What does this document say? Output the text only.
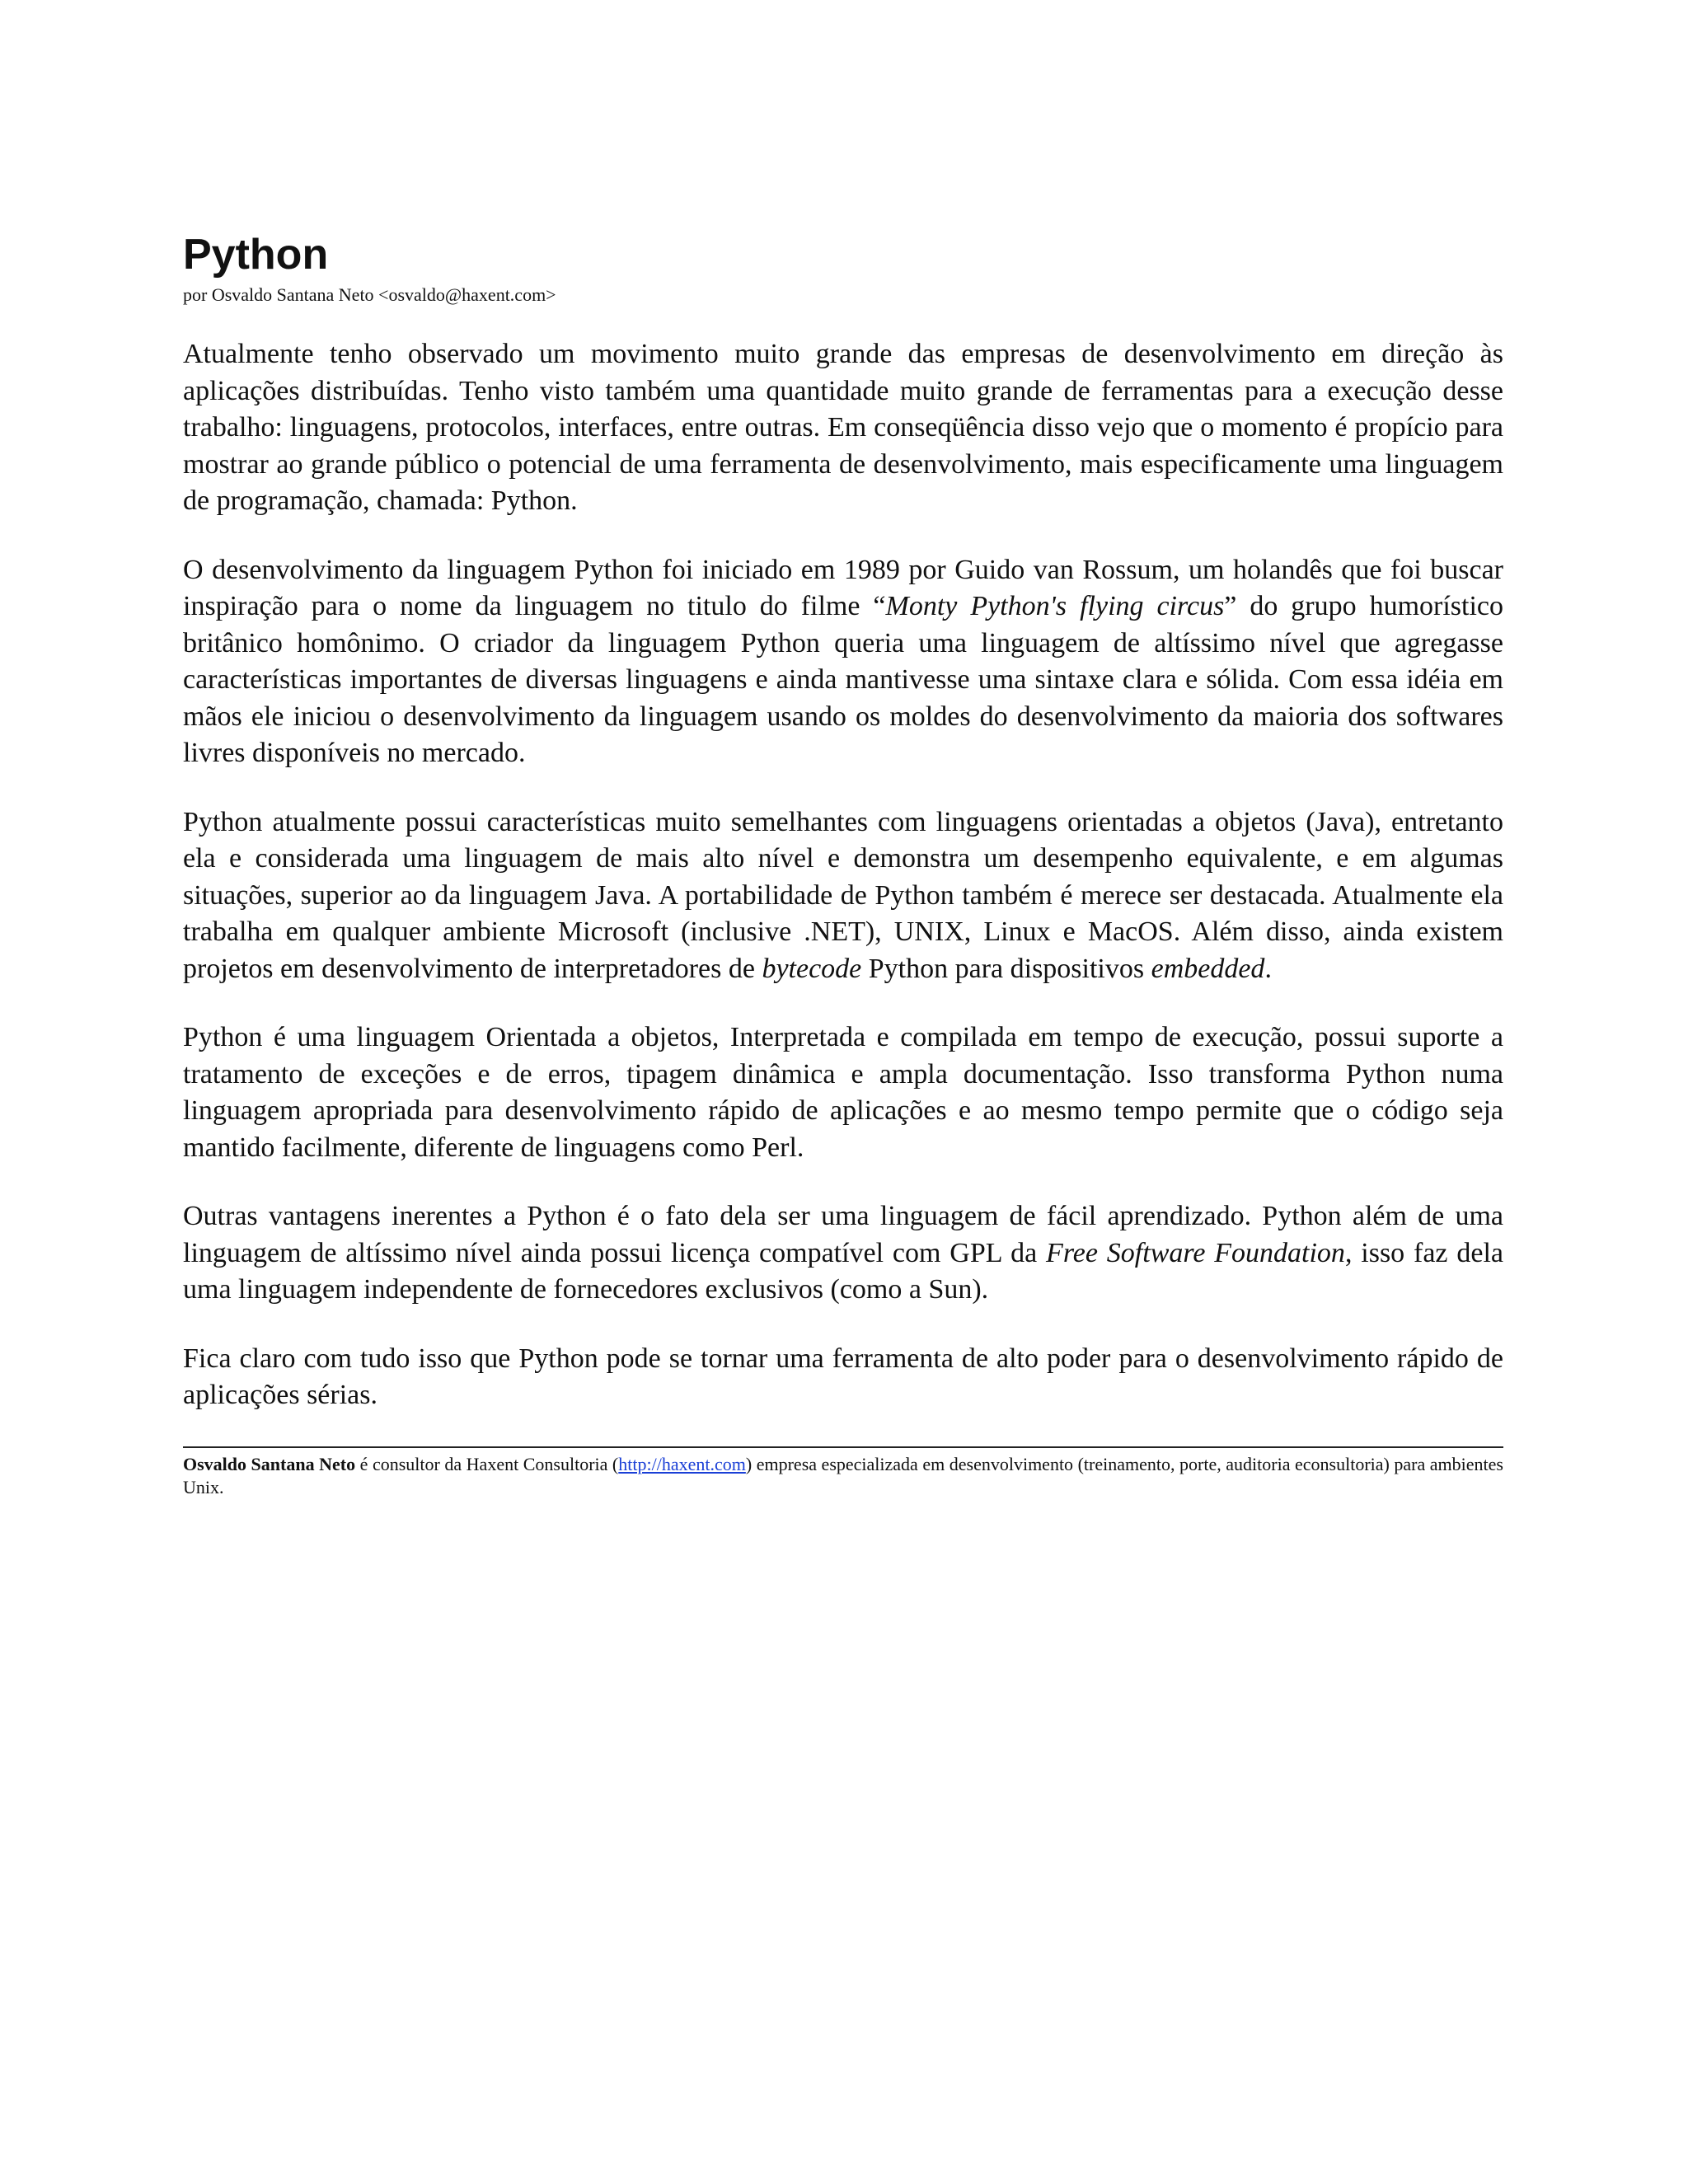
Python
por Osvaldo Santana Neto <osvaldo@haxent.com>

Atualmente tenho observado um movimento muito grande das empresas de desenvolvimento em direção às aplicações distribuídas. Tenho visto também uma quantidade muito grande de ferramentas para a execução desse trabalho: linguagens, protocolos, interfaces, entre outras. Em conseqüência disso vejo que o momento é propício para mostrar ao grande público o potencial de uma ferramenta de desenvolvimento, mais especificamente uma linguagem de programação, chamada: Python.

O desenvolvimento da linguagem Python foi iniciado em 1989 por Guido van Rossum, um holandês que foi buscar inspiração para o nome da linguagem no titulo do filme “Monty Python's flying circus” do grupo humorístico britânico homônimo. O criador da linguagem Python queria uma linguagem de altíssimo nível que agregasse características importantes de diversas linguagens e ainda mantivesse uma sintaxe clara e sólida. Com essa idéia em mãos ele iniciou o desenvolvimento da linguagem usando os moldes do desenvolvimento da maioria dos softwares livres disponíveis no mercado.

Python atualmente possui características muito semelhantes com linguagens orientadas a objetos (Java), entretanto ela e considerada uma linguagem de mais alto nível e demonstra um desempenho equivalente, e em algumas situações, superior ao da linguagem Java. A portabilidade de Python também é merece ser destacada. Atualmente ela trabalha em qualquer ambiente Microsoft (inclusive .NET), UNIX, Linux e MacOS. Além disso, ainda existem projetos em desenvolvimento de interpretadores de bytecode Python para dispositivos embedded.

Python é uma linguagem Orientada a objetos, Interpretada e compilada em tempo de execução, possui suporte a tratamento de exceções e de erros, tipagem dinâmica e ampla documentação. Isso transforma Python numa linguagem apropriada para desenvolvimento rápido de aplicações e ao mesmo tempo permite que o código seja mantido facilmente, diferente de linguagens como Perl.

Outras vantagens inerentes a Python é o fato dela ser uma linguagem de fácil aprendizado. Python além de uma linguagem de altíssimo nível ainda possui licença compatível com GPL da Free Software Foundation, isso faz dela uma linguagem independente de fornecedores exclusivos (como a Sun).

Fica claro com tudo isso que Python pode se tornar uma ferramenta de alto poder para o desenvolvimento rápido de aplicações sérias.

Osvaldo Santana Neto é consultor da Haxent Consultoria (http://haxent.com) empresa especializada em desenvolvimento (treinamento, porte, auditoria econsultoria) para ambientes Unix.
